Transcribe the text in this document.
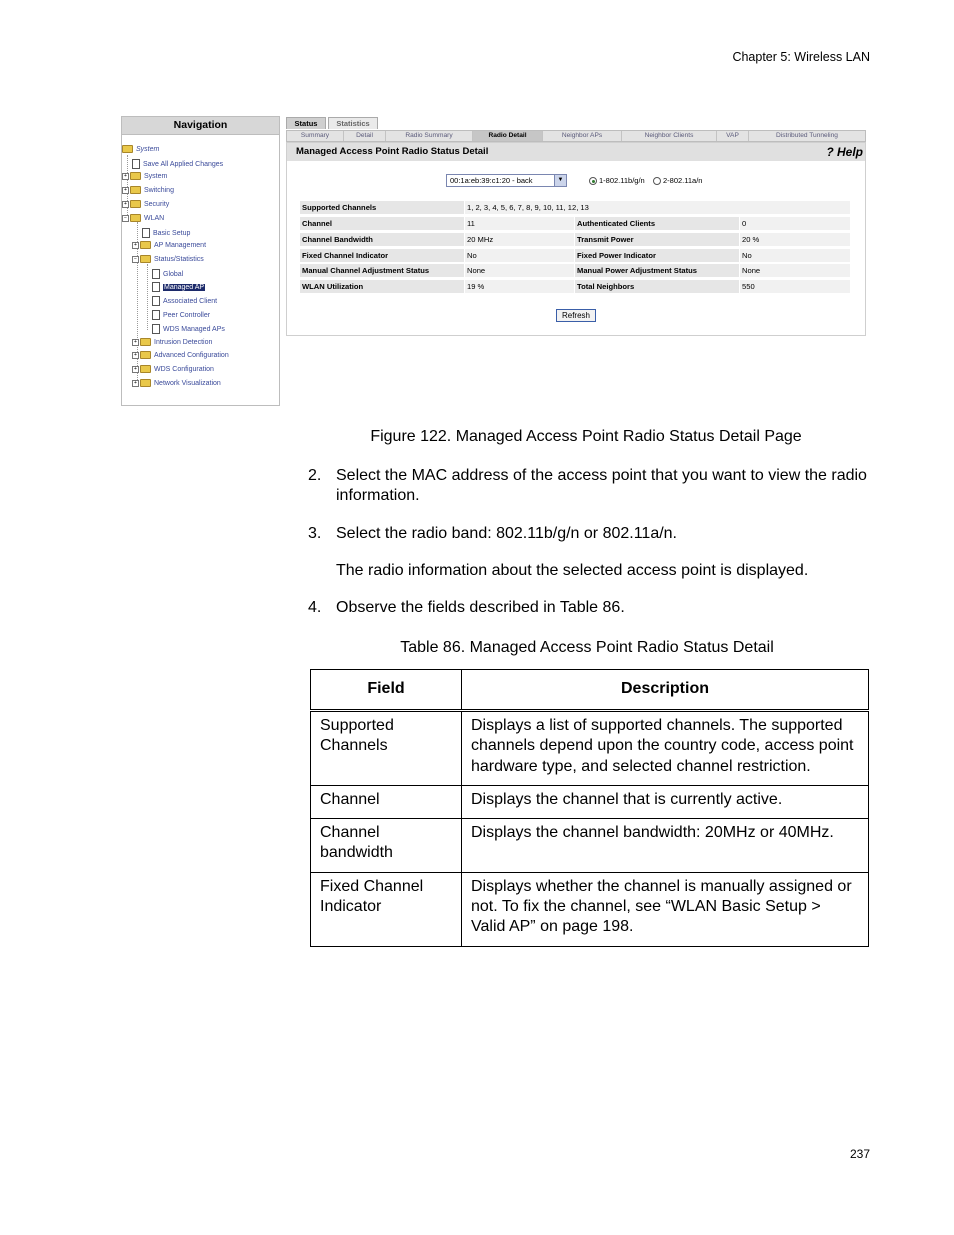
Chapter 5: Wireless LAN
Navigation
System
Save All Applied Changes
+ System
+ Switching
+ Security
− WLAN
Basic Setup
+ AP Management
− Status/Statistics
Global
Managed AP
Associated Client
Peer Controller
WDS Managed APs
+ Intrusion Detection
+ Advanced Configuration
+ WDS Configuration
+ Network Visualization
Status	Statistics
Summary	Detail	Radio Summary	Radio Detail	Neighbor APs	Neighbor Clients	VAP	Distributed Tunneling
Managed Access Point Radio Status Detail	? Help
00:1a:eb:39:c1:20 - back	▼	1-802.11b/g/n	2-802.11a/n
Supported Channels	1, 2, 3, 4, 5, 6, 7, 8, 9, 10, 11, 12, 13
Channel	11	Authenticated Clients	0
Channel Bandwidth	20 MHz	Transmit Power	20 %
Fixed Channel Indicator	No	Fixed Power Indicator	No
Manual Channel Adjustment Status	None	Manual Power Adjustment Status	None
WLAN Utilization	19 %	Total Neighbors	550
Refresh
Figure 122. Managed Access Point Radio Status Detail Page
2. Select the MAC address of the access point that you want to view the radio information.
3. Select the radio band: 802.11b/g/n or 802.11a/n.
The radio information about the selected access point is displayed.
4. Observe the fields described in Table 86.
Table 86. Managed Access Point Radio Status Detail
Field	Description
Supported Channels	Displays a list of supported channels. The supported channels depend upon the country code, access point hardware type, and selected channel restriction.
Channel	Displays the channel that is currently active.
Channel bandwidth	Displays the channel bandwidth: 20MHz or 40MHz.
Fixed Channel Indicator	Displays whether the channel is manually assigned or not. To fix the channel, see “WLAN Basic Setup > Valid AP” on page 198.
237
